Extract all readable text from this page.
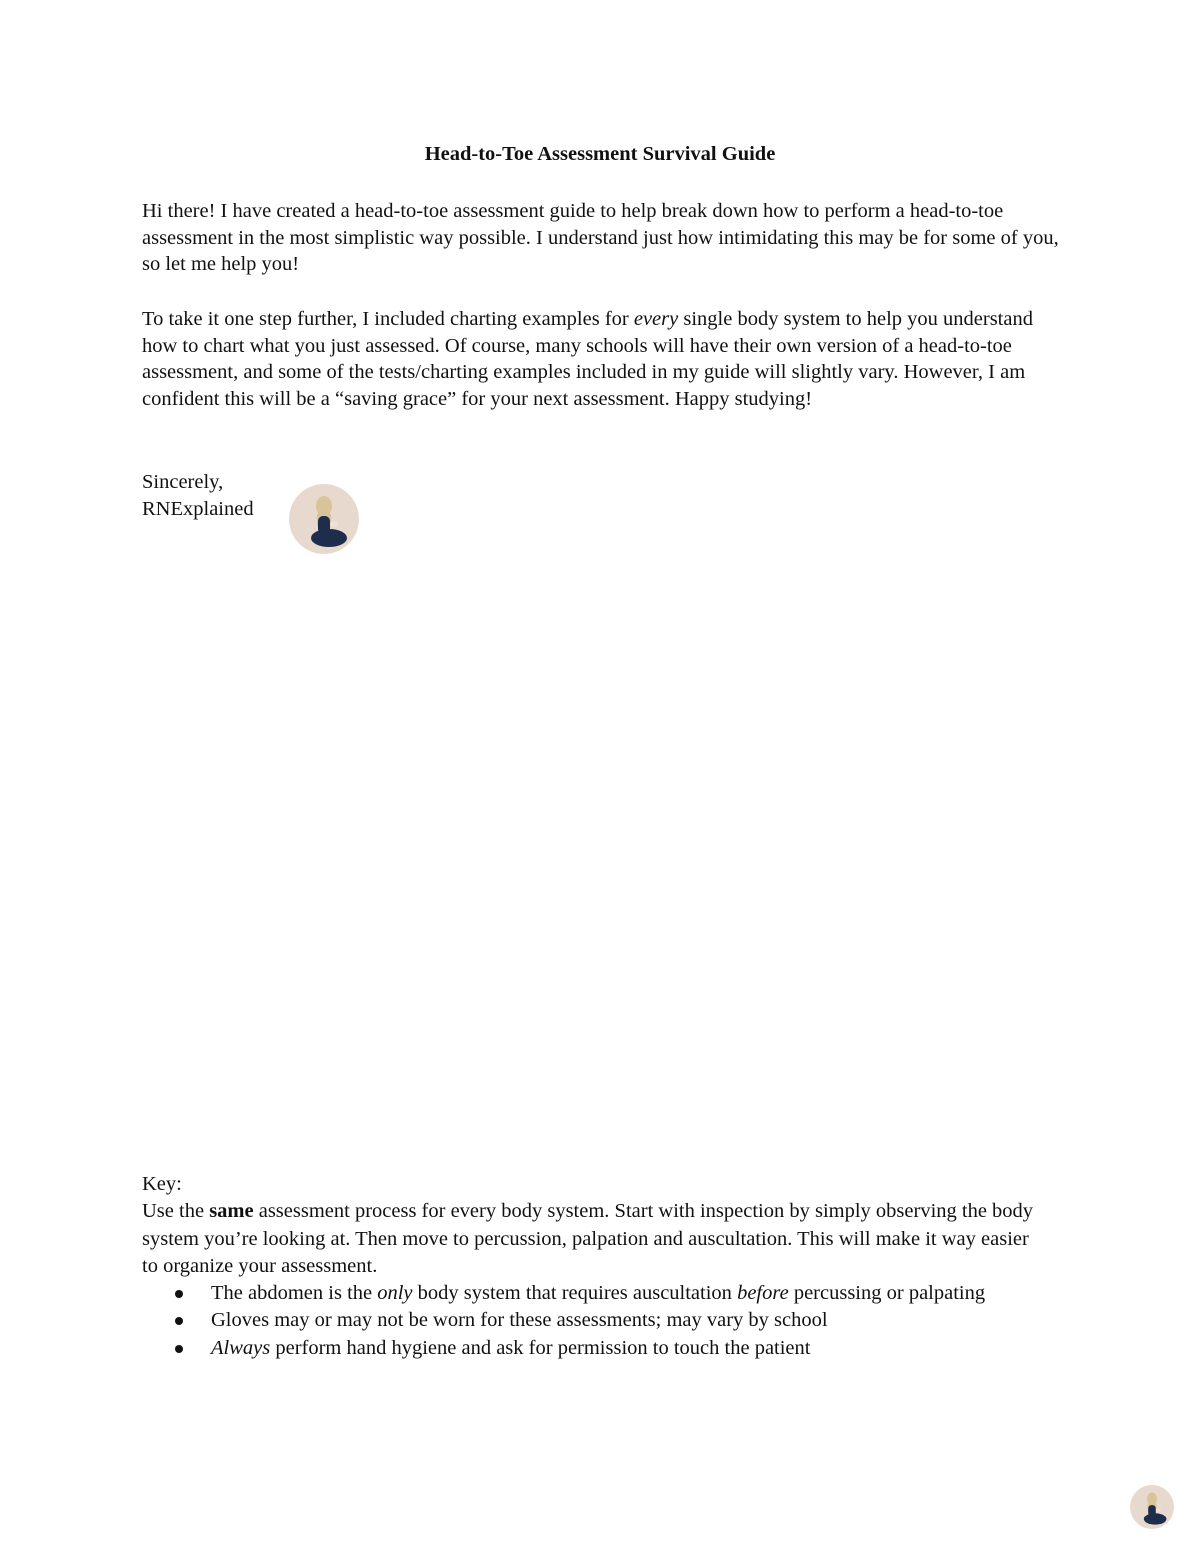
Head-to-Toe Assessment Survival Guide

Hi there! I have created a head-to-toe assessment guide to help break down how to perform a head-to-toe assessment in the most simplistic way possible. I understand just how intimidating this may be for some of you, so let me help you!

To take it one step further, I included charting examples for every single body system to help you understand how to chart what you just assessed. Of course, many schools will have their own version of a head-to-toe assessment, and some of the tests/charting examples included in my guide will slightly vary. However, I am confident this will be a “saving grace” for your next assessment. Happy studying!

Sincerely,
RNExplained
Key:
Use the same assessment process for every body system. Start with inspection by simply observing the body system you’re looking at. Then move to percussion, palpation and auscultation. This will make it way easier to organize your assessment.
The abdomen is the only body system that requires auscultation before percussing or palpating
Gloves may or may not be worn for these assessments; may vary by school
Always perform hand hygiene and ask for permission to touch the patient
